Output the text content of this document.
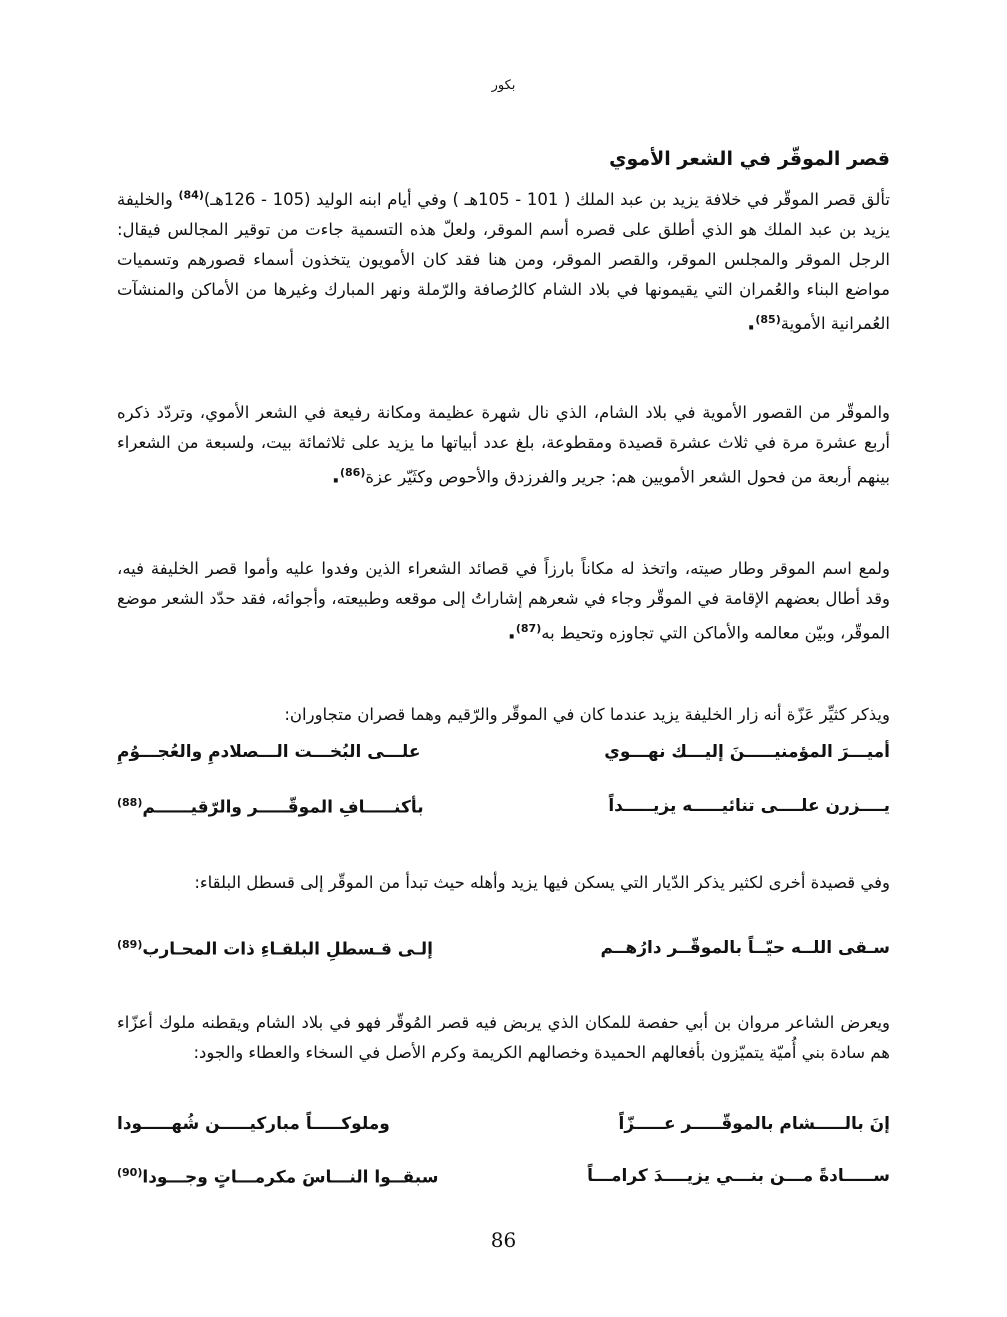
بكور
قصر الموقّر في الشعر الأموي
تألق قصر الموقّر في خلافة يزيد بن عبد الملك ( 101 - 105هـ ) وفي أيام ابنه الوليد (105 - 126هـ)$^{(84)}$ والخليفة يزيد بن عبد الملك هو الذي أطلق على قصره أسم الموقر، ولعلّ هذه التسمية جاءت من توقير المجالس فيقال: الرجل الموقر والمجلس الموقر، والقصر الموقر، ومن هنا فقد كان الأمويون يتخذون أسماء قصورهم وتسميات مواضع البناء والعُمران التي يقيمونها في بلاد الشام كالرُصافة والرّملة ونهر المبارك وغيرها من الأماكن والمنشآت العُمرانية الأموية$^{(85)}$.
والموقّر من القصور الأموية في بلاد الشام، الذي نال شهرة عظيمة ومكانة رفيعة في الشعر الأموي، وتردّد ذكره أربع عشرة مرة في ثلاث عشرة قصيدة ومقطوعة، بلغ عدد أبياتها ما يزيد على ثلاثمائة بيت، ولسبعة من الشعراء بينهم أربعة من فحول الشعر الأمويين هم: جرير والفرزدق والأحوص وكثَيّر عزة$^{(86)}$.
ولمع اسم الموقر وطار صيته، واتخذ له مكاناً بارزاً في قصائد الشعراء الذين وفدوا عليه وأموا قصر الخليفة فيه، وقد أطال بعضهم الإقامة في الموقّر وجاء في شعرهم إشاراتُ إلى موقعه وطبيعته، وأجوائه، فقد حدّد الشعر موضع الموقّر، وبيّن معالمه والأماكن التي تجاوزه وتحيط به$^{(87)}$.
ويذكر كثيِّر عَزّة أنه زار الخليفة يزيد عندما كان في الموقّر والرّقيم وهما قصران متجاوران:
أميـــرَ المؤمنيـــــنَ إليـــك نهـــوي
علـــى البُخـــت الـــصلادمِ والعُجـــوُمِ
يــــزرن علــــى تنائيـــــه يزيـــــداً
بأكنـــــافِ الموقّـــــر والرّقيــــــم$^{(88)}$
وفي قصيدة أخرى لكثير يذكر الدّيار التي يسكن فيها يزيد وأهله حيث تبدأ من الموقّر إلى قسطل البلقاء:
سـقى اللــه حيّــاً بالموقّــر دارُهــم
إلـى قـسطلِ البلقـاءِ ذات المحـارب$^{(89)}$
ويعرض الشاعر مروان بن أبي حفصة للمكان الذي يربض فيه قصر المُوقّر فهو في بلاد الشام ويقطنه ملوك أعزّاء هم سادة بني أُميّة يتميّزون بأفعالهم الحميدة وخصالهم الكريمة وكرم الأصل في السخاء والعطاء والجود:
إنَ بالـــــشام بالموقّـــــر عـــــزّاً
وملوكـــــاً مباركيـــــن شُهـــــودا
ســـــادةً مـــن بنـــي يزيــــدَ كرامـــاً
سبقــوا النـــاسَ مكرمـــاتٍ وجـــودا$^{(90)}$
86
